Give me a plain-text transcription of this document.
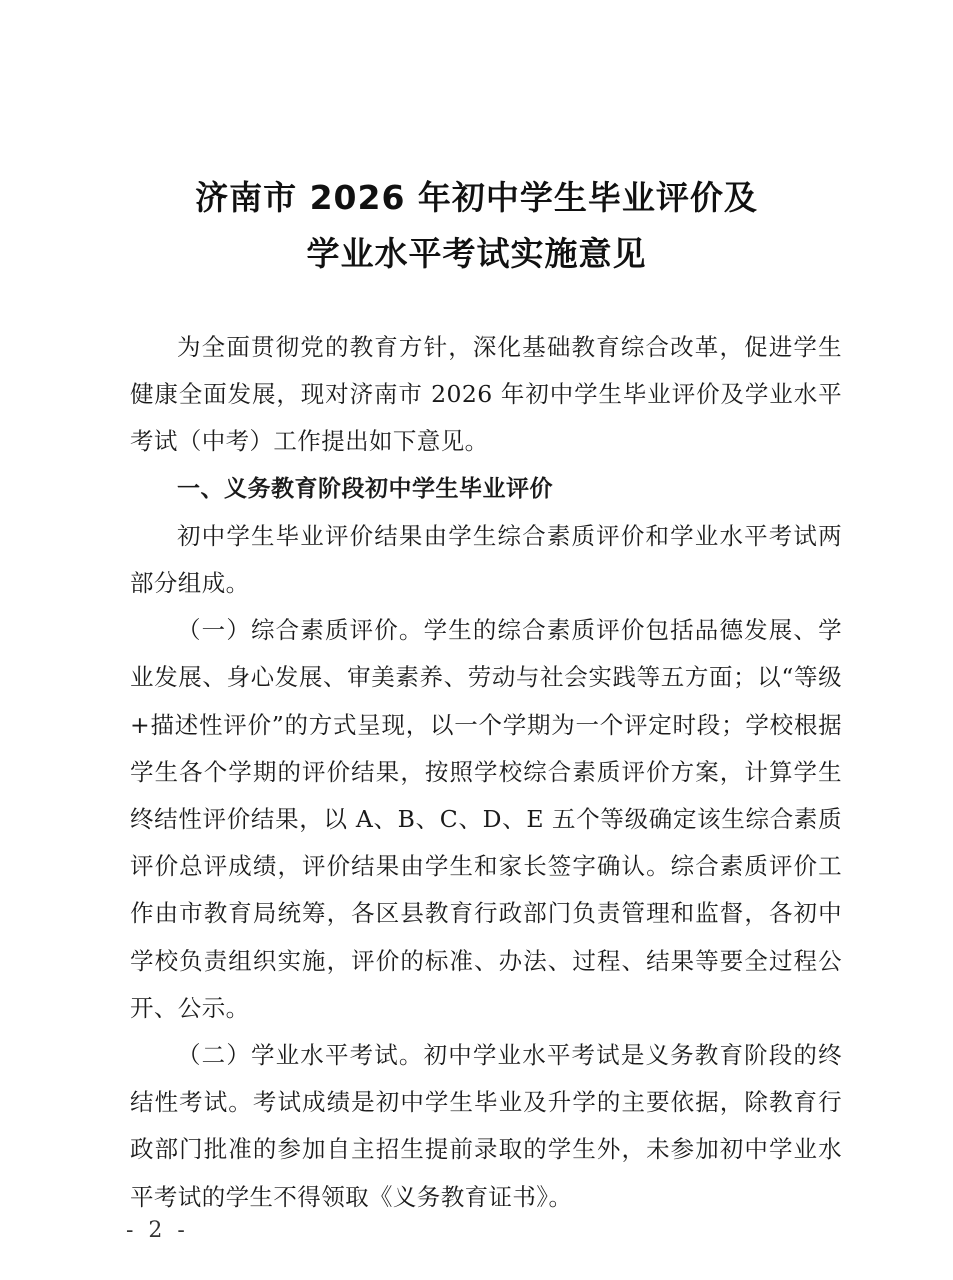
济南市 2026 年初中学生毕业评价及
学业水平考试实施意见

为全面贯彻党的教育方针，深化基础教育综合改革，促进学生健康全面发展，现对济南市 2026 年初中学生毕业评价及学业水平考试（中考）工作提出如下意见。

一、义务教育阶段初中学生毕业评价

初中学生毕业评价结果由学生综合素质评价和学业水平考试两部分组成。

（一）综合素质评价。学生的综合素质评价包括品德发展、学业发展、身心发展、审美素养、劳动与社会实践等五方面；以“等级+描述性评价”的方式呈现，以一个学期为一个评定时段；学校根据学生各个学期的评价结果，按照学校综合素质评价方案，计算学生终结性评价结果，以 A、B、C、D、E 五个等级确定该生综合素质评价总评成绩，评价结果由学生和家长签字确认。综合素质评价工作由市教育局统筹，各区县教育行政部门负责管理和监督，各初中学校负责组织实施，评价的标准、办法、过程、结果等要全过程公开、公示。

（二）学业水平考试。初中学业水平考试是义务教育阶段的终结性考试。考试成绩是初中学生毕业及升学的主要依据，除教育行政部门批准的参加自主招生提前录取的学生外，未参加初中学业水平考试的学生不得领取《义务教育证书》。

- 2 -
